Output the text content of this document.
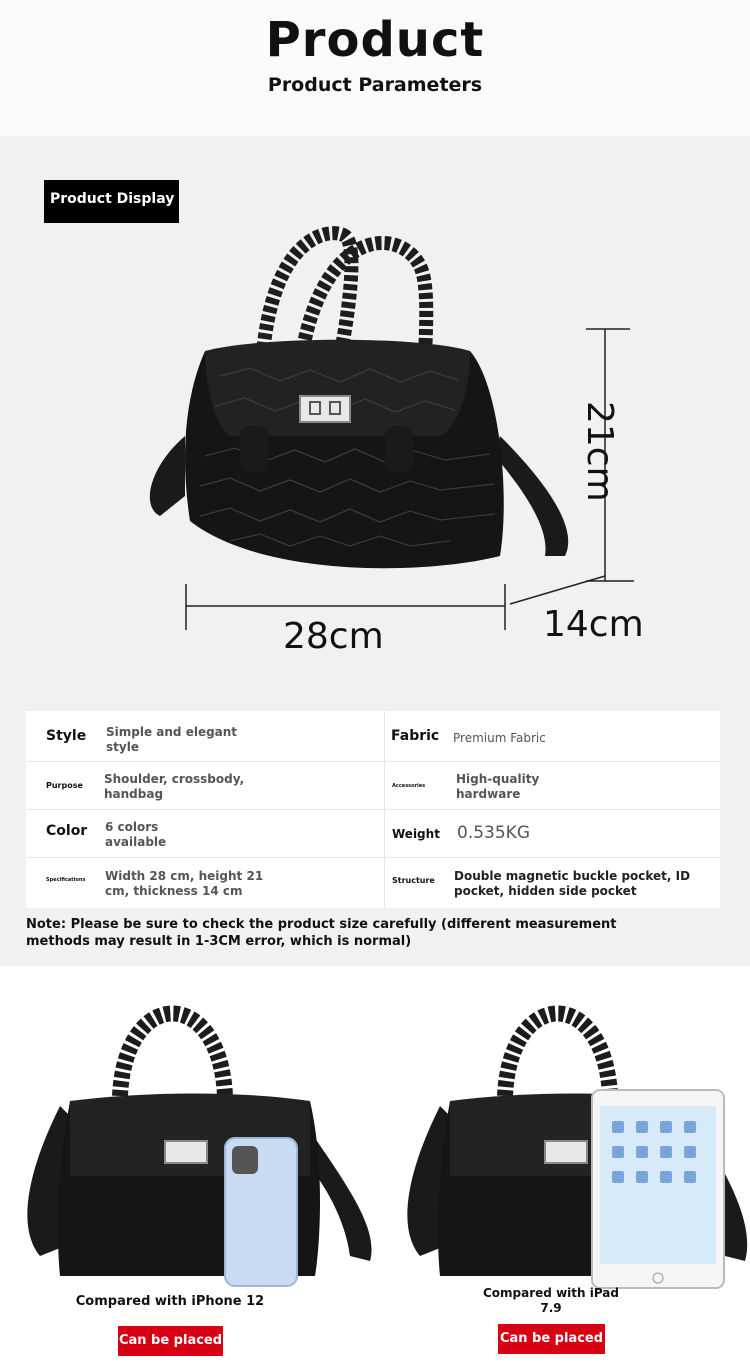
Product
Product Parameters
Product Display
21cm
28cm	14cm
Style Simple and elegant style
Fabric Premium Fabric
Purpose Shoulder, crossbody, handbag
Accessories	High-quality hardware
Color 6 colors available
Weight 0.535KG
Specifications Width 28 cm, height 21 cm, thickness 14 cm
Structure Double magnetic buckle pocket, ID pocket, hidden side pocket
Note: Please be sure to check the product size carefully (different measurement methods may result in 1-3CM error, which is normal)
Compared with iPhone 12
Can be placed
Compared with iPad 7.9
Can be placed
